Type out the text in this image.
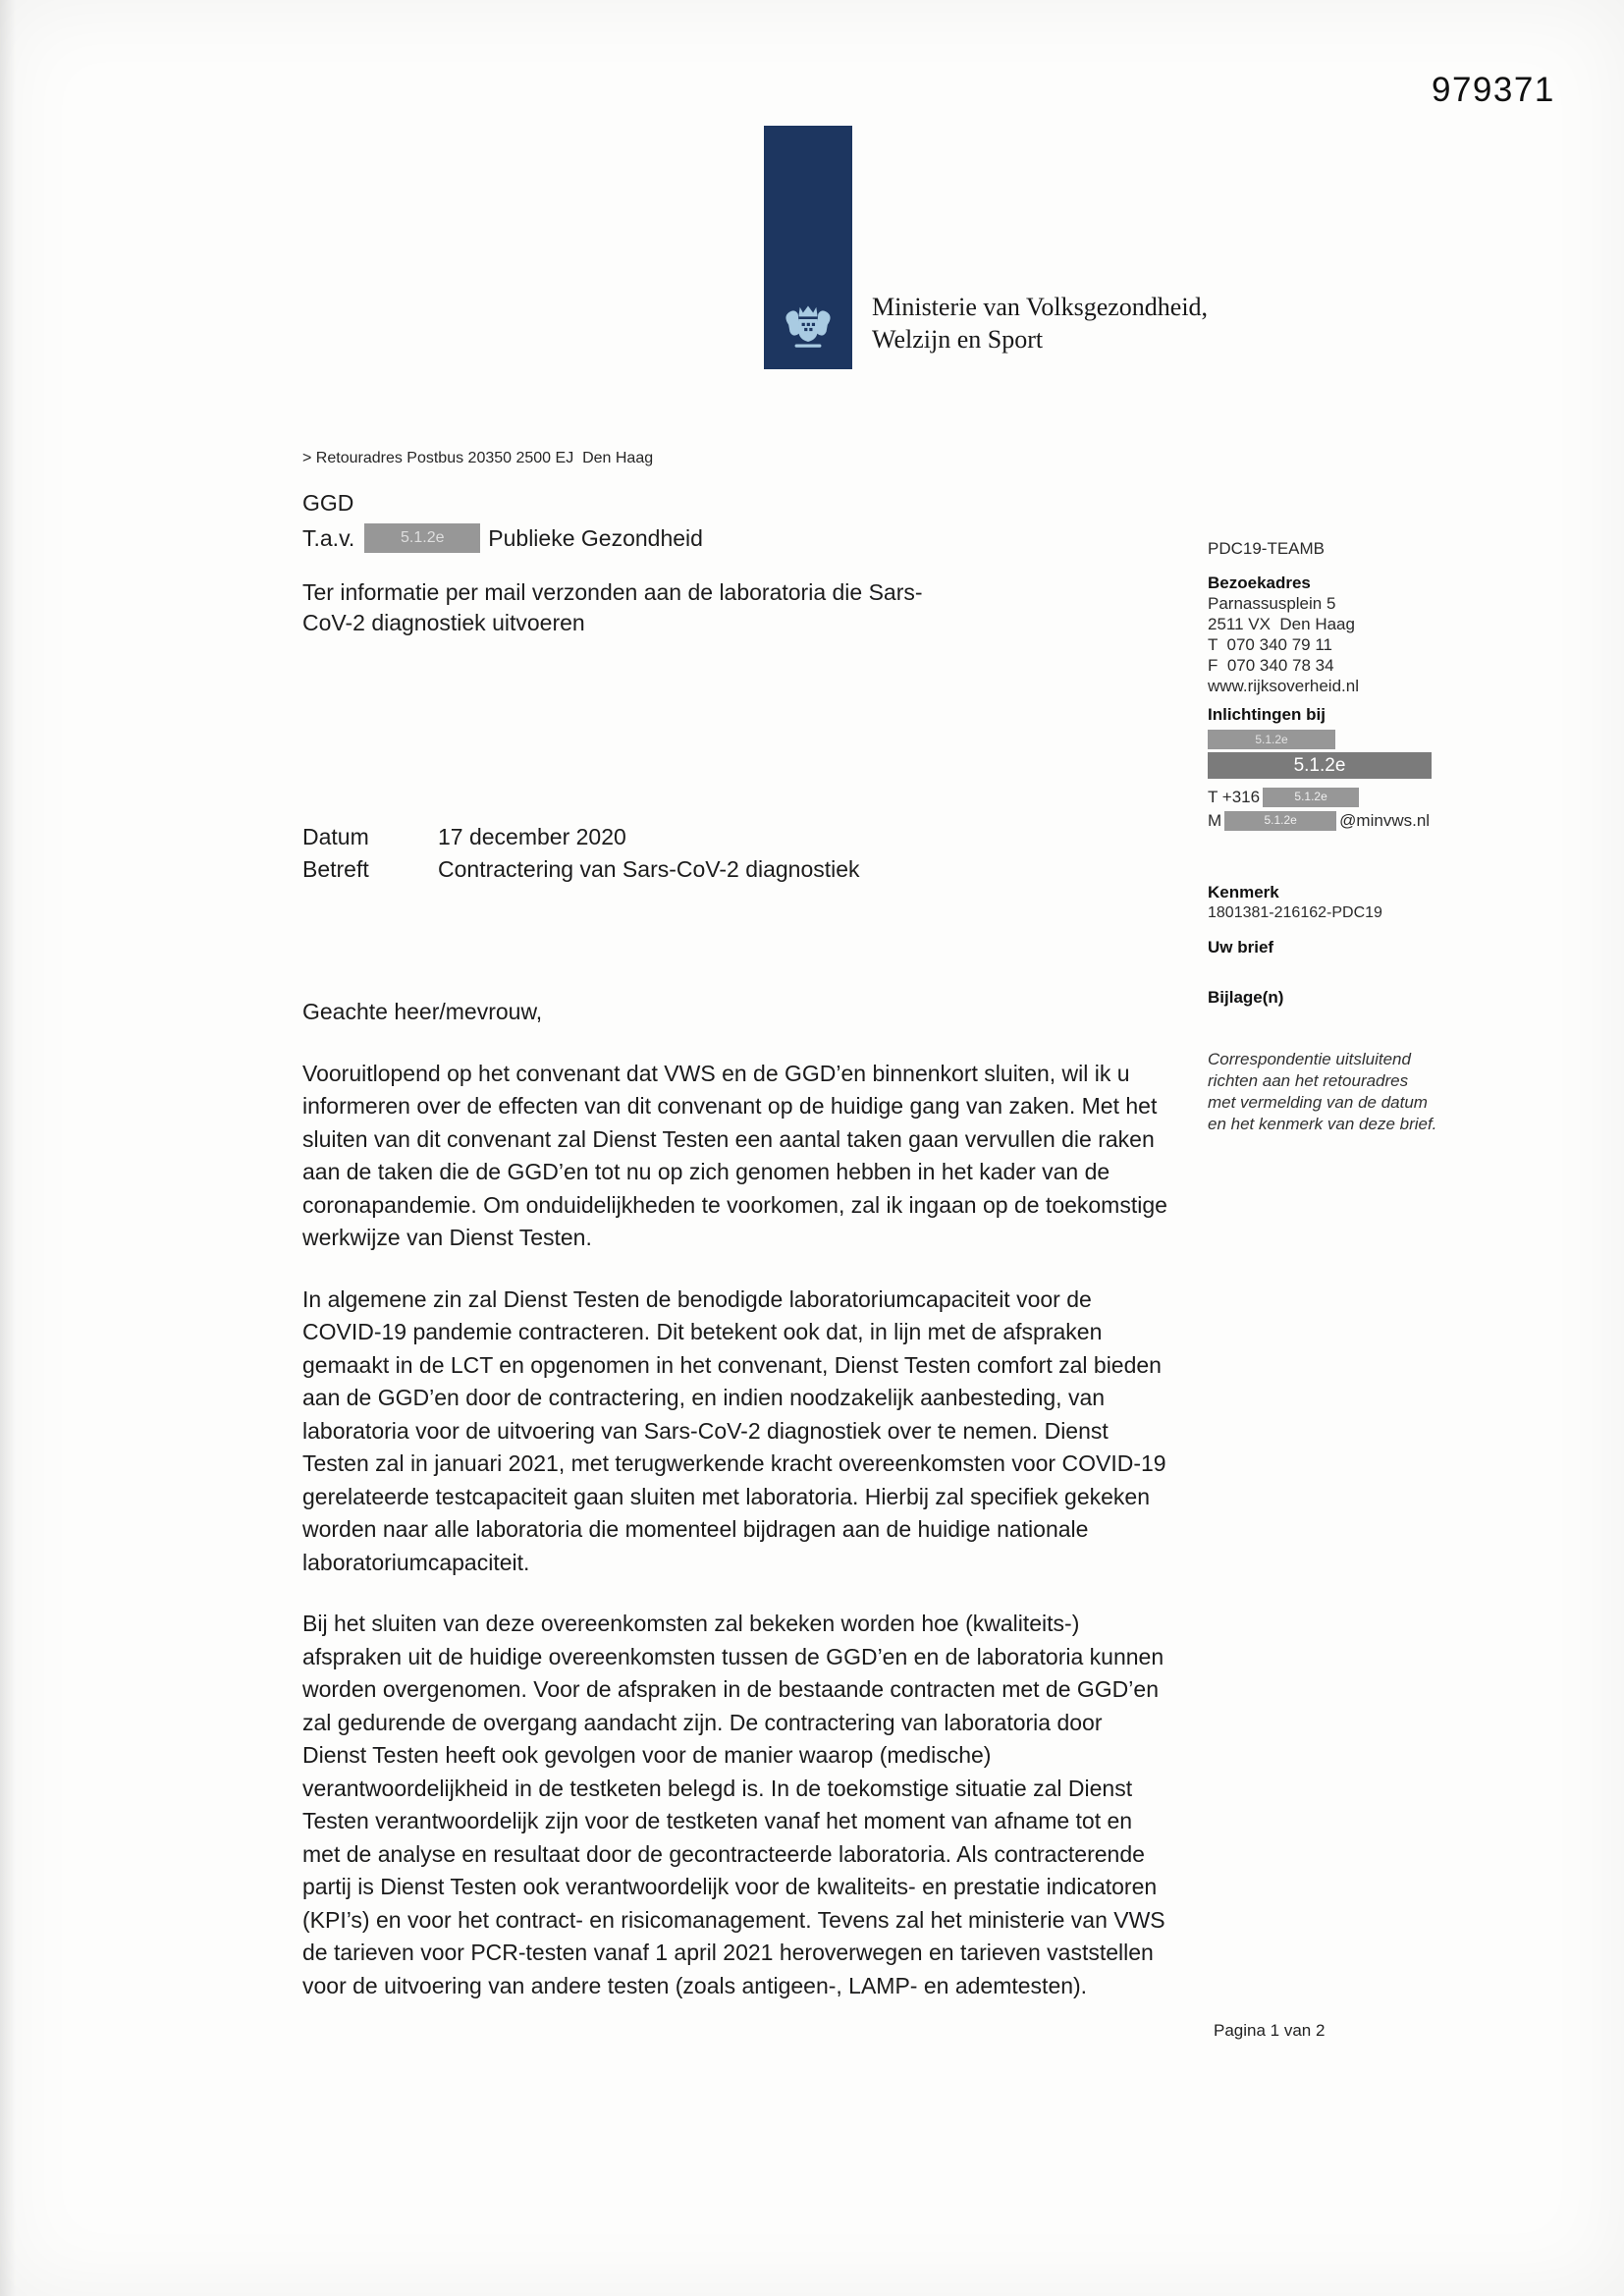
979371
Ministerie van Volksgezondheid,
Welzijn en Sport
> Retouradres Postbus 20350 2500 EJ  Den Haag
GGD
T.a.v.	5.1.2e	Publieke Gezondheid
Ter informatie per mail verzonden aan de laboratoria die Sars-CoV-2 diagnostiek uitvoeren
Datum	17 december 2020
Betreft	Contractering van Sars-CoV-2 diagnostiek
Geachte heer/mevrouw,
Vooruitlopend op het convenant dat VWS en de GGD’en binnenkort sluiten, wil ik u informeren over de effecten van dit convenant op de huidige gang van zaken. Met het sluiten van dit convenant zal Dienst Testen een aantal taken gaan vervullen die raken aan de taken die de GGD’en tot nu op zich genomen hebben in het kader van de coronapandemie. Om onduidelijkheden te voorkomen, zal ik ingaan op de toekomstige werkwijze van Dienst Testen.
In algemene zin zal Dienst Testen de benodigde laboratoriumcapaciteit voor de COVID-19 pandemie contracteren. Dit betekent ook dat, in lijn met de afspraken gemaakt in de LCT en opgenomen in het convenant, Dienst Testen comfort zal bieden aan de GGD’en door de contractering, en indien noodzakelijk aanbesteding, van laboratoria voor de uitvoering van Sars-CoV-2 diagnostiek over te nemen. Dienst Testen zal in januari 2021, met terugwerkende kracht overeenkomsten voor COVID-19 gerelateerde testcapaciteit gaan sluiten met laboratoria. Hierbij zal specifiek gekeken worden naar alle laboratoria die momenteel bijdragen aan de huidige nationale laboratoriumcapaciteit.
Bij het sluiten van deze overeenkomsten zal bekeken worden hoe (kwaliteits-) afspraken uit de huidige overeenkomsten tussen de GGD’en en de laboratoria kunnen worden overgenomen. Voor de afspraken in de bestaande contracten met de GGD’en zal gedurende de overgang aandacht zijn. De contractering van laboratoria door Dienst Testen heeft ook gevolgen voor de manier waarop (medische) verantwoordelijkheid in de testketen belegd is. In de toekomstige situatie zal Dienst Testen verantwoordelijk zijn voor de testketen vanaf het moment van afname tot en met de analyse en resultaat door de gecontracteerde laboratoria. Als contracterende partij is Dienst Testen ook verantwoordelijk voor de kwaliteits- en prestatie indicatoren (KPI’s) en voor het contract- en risicomanagement. Tevens zal het ministerie van VWS de tarieven voor PCR-testen vanaf 1 april 2021 heroverwegen en tarieven vaststellen voor de uitvoering van andere testen (zoals antigeen-, LAMP- en ademtesten).
PDC19-TEAMB
Bezoekadres
Parnassusplein 5
2511 VX  Den Haag
T  070 340 79 11
F  070 340 78 34
www.rijksoverheid.nl
Inlichtingen bij
5.1.2e
5.1.2e
T +316	5.1.2e
M	5.1.2e	@minvws.nl
Kenmerk
1801381-216162-PDC19
Uw brief
Bijlage(n)
Correspondentie uitsluitend richten aan het retouradres met vermelding van de datum en het kenmerk van deze brief.
Pagina 1 van 2
